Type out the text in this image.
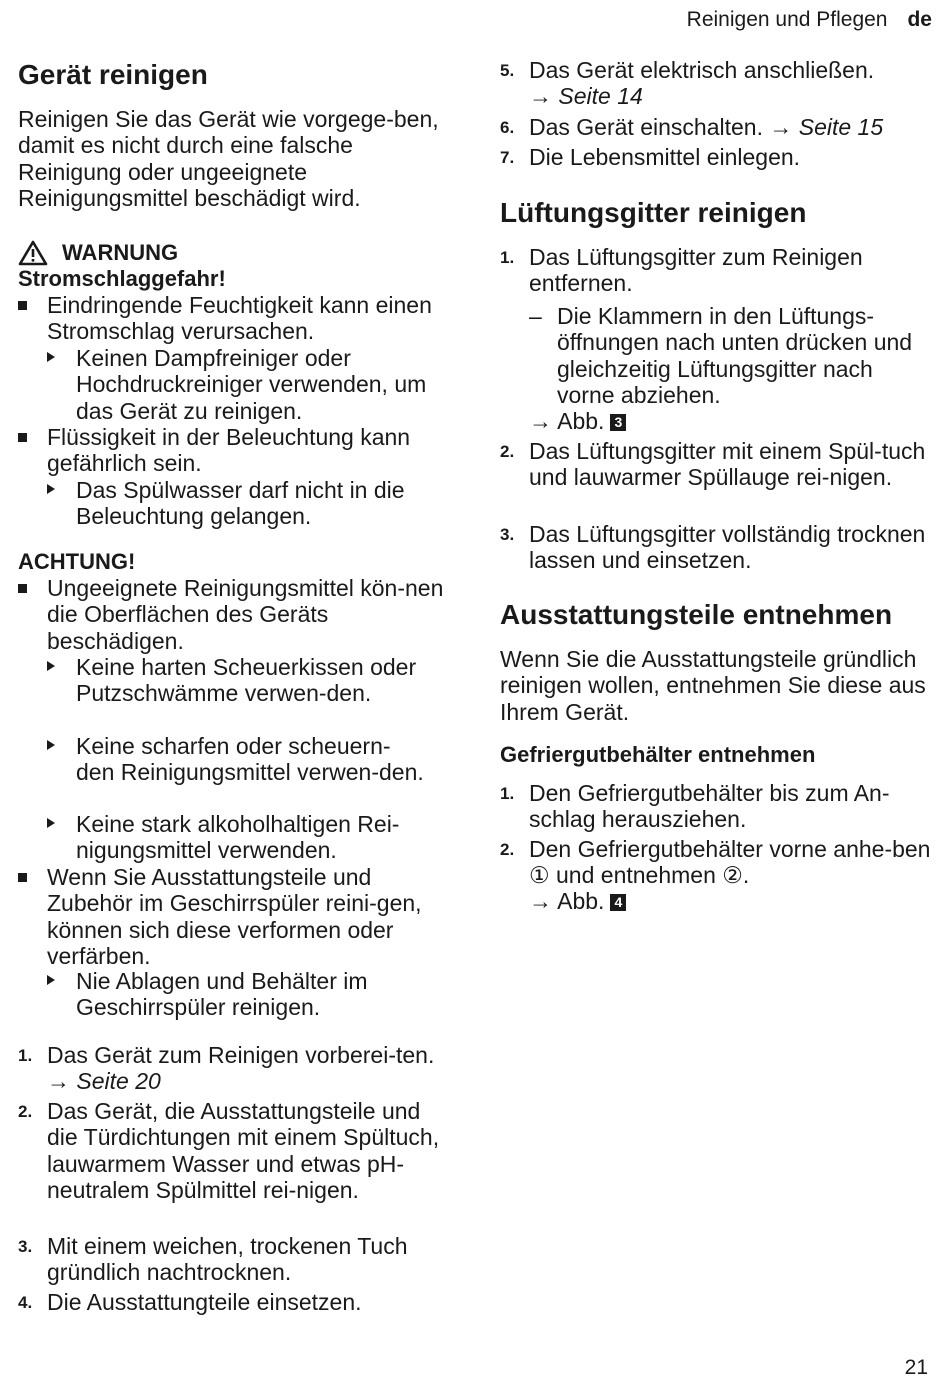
Reinigen und Pflegen de
Gerät reinigen

Reinigen Sie das Gerät wie vorgege-ben, damit es nicht durch eine falsche Reinigung oder ungeeignete Reinigungsmittel beschädigt wird.

WARNUNG
Stromschlaggefahr!

Eindringende Feuchtigkeit kann einen Stromschlag verursachen.

Keinen Dampfreiniger oder Hochdruckreiniger verwenden, um das Gerät zu reinigen.

Flüssigkeit in der Beleuchtung kann gefährlich sein.

Das Spülwasser darf nicht in die Beleuchtung gelangen.

ACHTUNG!

Ungeeignete Reinigungsmittel kön-nen die Oberflächen des Geräts beschädigen.

Keine harten Scheuerkissen oder Putzschwämme verwen-den.

Keine scharfen oder scheuern-den Reinigungsmittel verwen-den.

Keine stark alkoholhaltigen Rei-nigungsmittel verwenden.

Wenn Sie Ausstattungsteile und Zubehör im Geschirrspüler reini-gen, können sich diese verformen oder verfärben.

Nie Ablagen und Behälter im Geschirrspüler reinigen.

1. Das Gerät zum Reinigen vorberei-ten. → Seite 20

2. Das Gerät, die Ausstattungsteile und die Türdichtungen mit einem Spültuch, lauwarmem Wasser und etwas pH-neutralem Spülmittel rei-nigen.

3. Mit einem weichen, trockenen Tuch gründlich nachtrocknen.

4. Die Ausstattungteile einsetzen.

5. Das Gerät elektrisch anschließen.
→ Seite 14

6. Das Gerät einschalten. → Seite 15

7. Die Lebensmittel einlegen.

Lüftungsgitter reinigen
1. Das Lüftungsgitter zum Reinigen entfernen.

– Die Klammern in den Lüftungs-öffnungen nach unten drücken und gleichzeitig Lüftungsgitter nach vorne abziehen.

→ Abb. 3

2. Das Lüftungsgitter mit einem Spül-tuch und lauwarmer Spüllauge rei-nigen.

3. Das Lüftungsgitter vollständig trocknen lassen und einsetzen.

Ausstattungsteile entnehmen

Wenn Sie die Ausstattungsteile gründlich reinigen wollen, entnehmen Sie diese aus Ihrem Gerät.

Gefriergutbehälter entnehmen
1. Den Gefriergutbehälter bis zum An-schlag herausziehen.

2. Den Gefriergutbehälter vorne anhe-ben ① und entnehmen ②.

→ Abb. 4

21
